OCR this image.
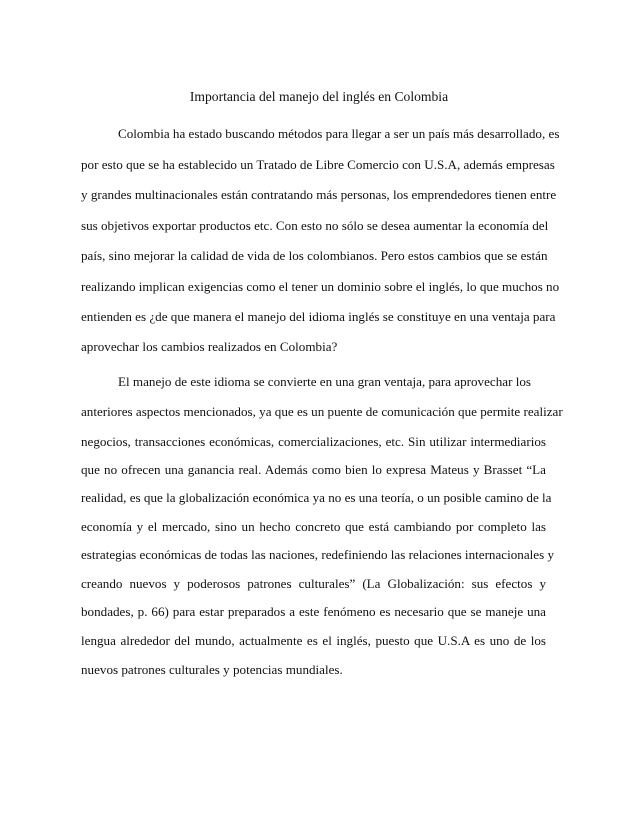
Importancia del manejo del inglés en Colombia
Colombia ha estado buscando métodos para llegar a ser un país más desarrollado, es
por esto que se ha establecido un Tratado de Libre Comercio con U.S.A, además empresas
y grandes multinacionales están contratando más personas, los emprendedores tienen entre
sus objetivos exportar productos etc. Con esto no sólo se desea aumentar la economía del
país, sino mejorar la calidad de vida de los colombianos. Pero estos cambios que se están
realizando implican exigencias como el tener un dominio sobre el inglés, lo que muchos no
entienden es ¿de que manera el manejo del idioma inglés se constituye en una ventaja para
aprovechar los cambios realizados en Colombia?
El manejo de este idioma se convierte en una gran ventaja, para aprovechar los
anteriores aspectos mencionados, ya que es un puente de comunicación que permite realizar
negocios, transacciones económicas, comercializaciones, etc. Sin utilizar intermediarios
que no ofrecen una ganancia real. Además como bien lo expresa Mateus y Brasset “La
realidad, es que la globalización económica ya no es una teoría, o un posible camino de la
economía y el mercado, sino un hecho concreto que está cambiando por completo las
estrategias económicas de todas las naciones, redefiniendo las relaciones internacionales y
creando nuevos y poderosos patrones culturales” (La Globalización: sus efectos y
bondades, p. 66) para estar preparados a este fenómeno es necesario que se maneje una
lengua alrededor del mundo, actualmente es el inglés, puesto que U.S.A es uno de los
nuevos patrones culturales y potencias mundiales.
